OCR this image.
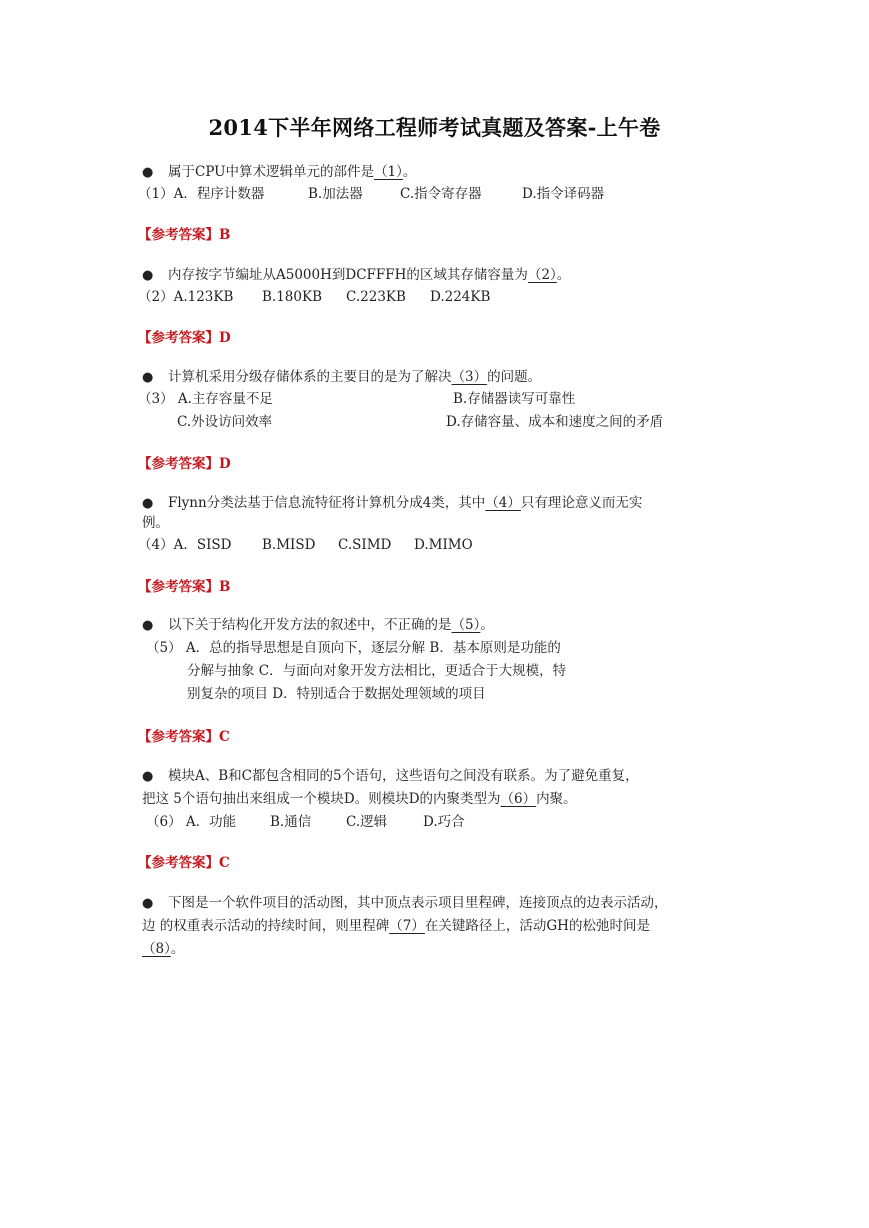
2014下半年网络工程师考试真题及答案-上午卷
● 属于CPU中算术逻辑单元的部件是（1）。
（1）A．程序计数器	B.加法器	C.指令寄存器	D.指令译码器
【参考答案】B
● 内存按字节编址从A5000H到DCFFFH的区域其存储容量为（2）。
（2）A.123KB B.180KB C.223KB D.224KB
【参考答案】D
● 计算机采用分级存储体系的主要目的是为了解决（3）的问题。
（3） A.主存容量不足	B.存储器读写可靠性
C.外设访问效率	D.存储容量、成本和速度之间的矛盾
【参考答案】D
● Flynn分类法基于信息流特征将计算机分成4类，其中（4）只有理论意义而无实
例。
（4）A．SISD B.MISD C.SIMD D.MIMO
【参考答案】B
● 以下关于结构化开发方法的叙述中，不正确的是（5）。
（5） A．总的指导思想是自顶向下，逐层分解 B．基本原则是功能的
分解与抽象 C．与面向对象开发方法相比，更适合于大规模，特
别复杂的项目 D．特别适合于数据处理领域的项目
【参考答案】C
● 模块A、B和C都包含相同的5个语句，这些语句之间没有联系。为了避免重复，
把这 5个语句抽出来组成一个模块D。则模块D的内聚类型为（6）内聚。
（6） A．功能	B.通信	C.逻辑	D.巧合
【参考答案】C
● 下图是一个软件项目的活动图，其中顶点表示项目里程碑，连接顶点的边表示活动，
边 的权重表示活动的持续时间，则里程碑（7）在关键路径上，活动GH的松弛时间是
（8）。
